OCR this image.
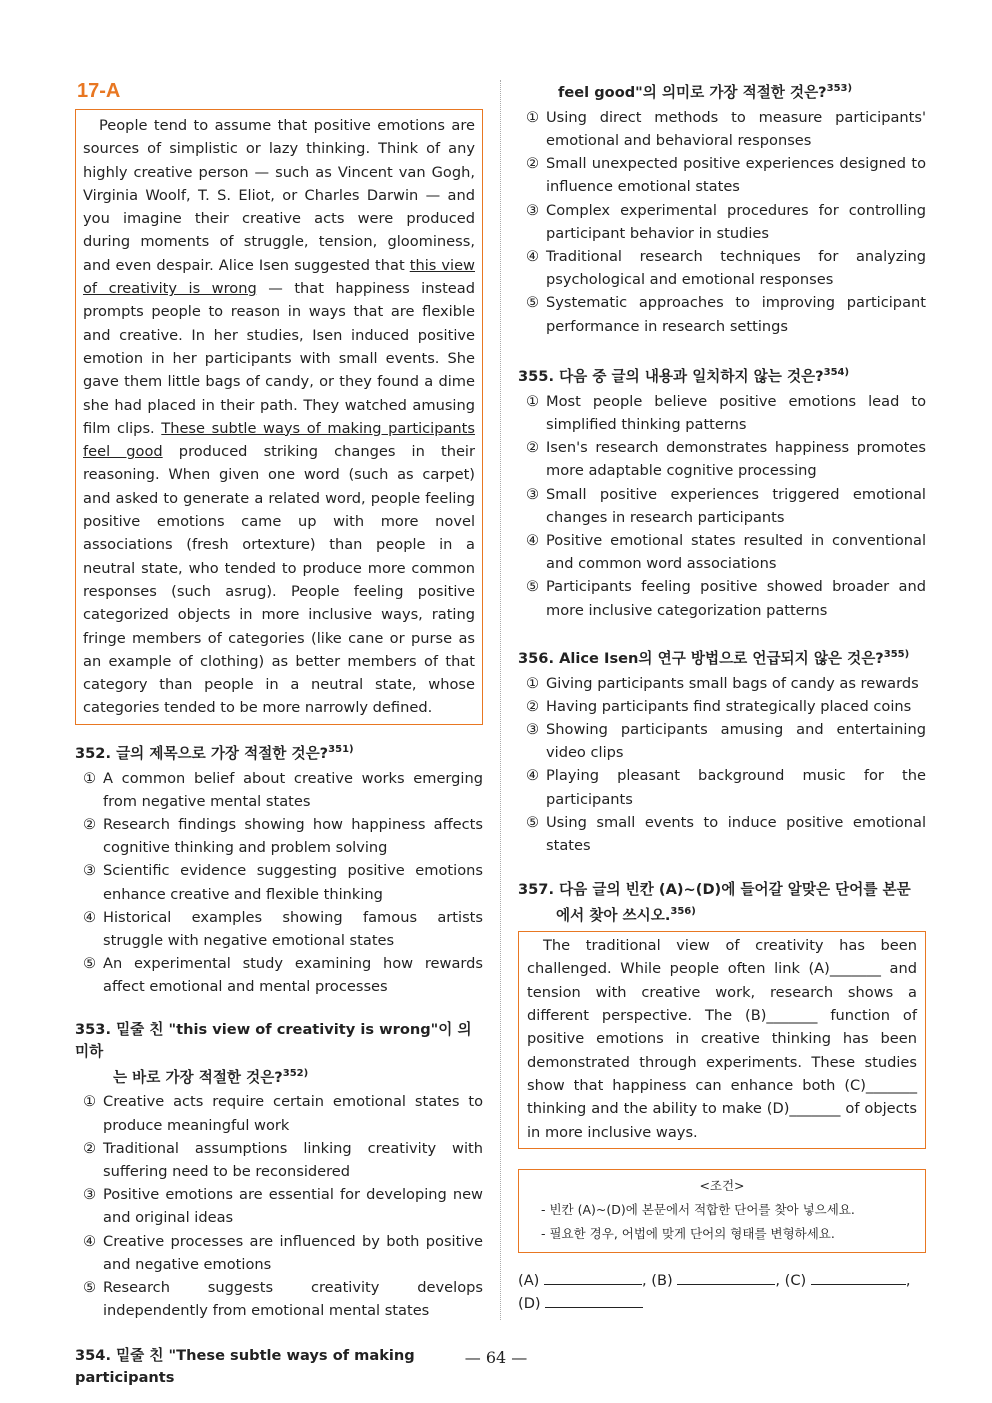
17-A

People tend to assume that positive emotions are sources of simplistic or lazy thinking. Think of any highly creative person — such as Vincent van Gogh, Virginia Woolf, T. S. Eliot, or Charles Darwin — and you imagine their creative acts were produced during moments of struggle, tension, gloominess, and even despair. Alice Isen suggested that this view of creativity is wrong — that happiness instead prompts people to reason in ways that are flexible and creative. In her studies, Isen induced positive emotion in her participants with small events. She gave them little bags of candy, or they found a dime she had placed in their path. They watched amusing film clips. These subtle ways of making participants feel good produced striking changes in their reasoning. When given one word (such as carpet) and asked to generate a related word, people feeling positive emotions came up with more novel associations (fresh ortexture) than people in a neutral state, who tended to produce more common responses (such asrug). People feeling positive categorized objects in more inclusive ways, rating fringe members of categories (like cane or purse as an example of clothing) as better members of that category than people in a neutral state, whose categories tended to be more narrowly defined.

352. 글의 제목으로 가장 적절한 것은?$^{351)}$
① A common belief about creative works emerging from negative mental states
② Research findings showing how happiness affects cognitive thinking and problem solving
③ Scientific evidence suggesting positive emotions enhance creative and flexible thinking
④ Historical examples showing famous artists struggle with negative emotional states
⑤ An experimental study examining how rewards affect emotional and mental processes
353. 밑줄 친 "this view of creativity is wrong"이 의미하
는 바로 가장 적절한 것은?$^{352)}$
① Creative acts require certain emotional states to produce meaningful work
② Traditional assumptions linking creativity with suffering need to be reconsidered
③ Positive emotions are essential for developing new and original ideas
④ Creative processes are influenced by both positive and negative emotions
⑤ Research suggests creativity develops independently from emotional mental states
354. 밑줄 친 "These subtle ways of making participants
feel good"의 의미로 가장 적절한 것은?$^{353)}$
① Using direct methods to measure participants' emotional and behavioral responses
② Small unexpected positive experiences designed to influence emotional states
③ Complex experimental procedures for controlling participant behavior in studies
④ Traditional research techniques for analyzing psychological and emotional responses
⑤ Systematic approaches to improving participant performance in research settings
355. 다음 중 글의 내용과 일치하지 않는 것은?$^{354)}$
① Most people believe positive emotions lead to simplified thinking patterns
② Isen's research demonstrates happiness promotes more adaptable cognitive processing
③ Small positive experiences triggered emotional changes in research participants
④ Positive emotional states resulted in conventional and common word associations
⑤ Participants feeling positive showed broader and more inclusive categorization patterns
356. Alice Isen의 연구 방법으로 언급되지 않은 것은?$^{355)}$
① Giving participants small bags of candy as rewards
② Having participants find strategically placed coins
③ Showing participants amusing and entertaining video clips
④ Playing pleasant background music for the participants
⑤ Using small events to induce positive emotional states
357. 다음 글의 빈칸 (A)~(D)에 들어갈 알맞은 단어를 본문
에서 찾아 쓰시오.$^{356)}$

The traditional view of creativity has been challenged. While people often link (A)_______ and tension with creative work, research shows a different perspective. The (B)_______ function of positive emotions in creative thinking has been demonstrated through experiments. These studies show that happiness can enhance both (C)_______ thinking and the ability to make (D)_______ of objects in more inclusive ways.

<조건>
- 빈칸 (A)~(D)에 본문에서 적합한 단어를 찾아 넣으세요.
- 필요한 경우, 어법에 맞게 단어의 형태를 변형하세요.
(A)	, (B)	, (C)	,
(D)
— 64 —
